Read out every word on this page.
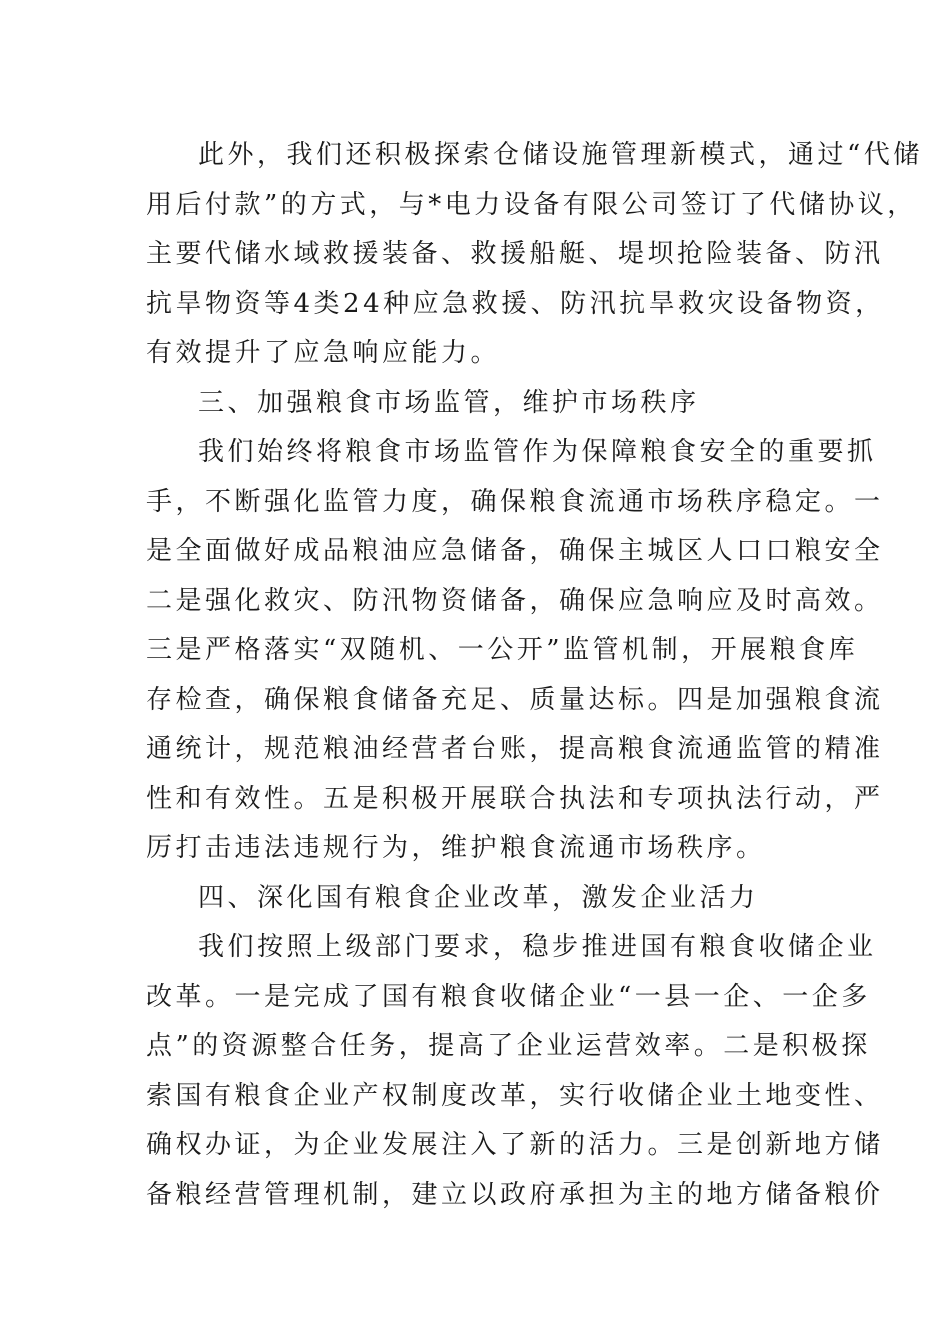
此外，我们还积极探索仓储设施管理新模式，通过“代储
用后付款”的方式，与*电力设备有限公司签订了代储协议，
主要代储水域救援装备、救援船艇、堤坝抢险装备、防汛
抗旱物资等4类24种应急救援、防汛抗旱救灾设备物资，
有效提升了应急响应能力。
三、加强粮食市场监管，维护市场秩序
我们始终将粮食市场监管作为保障粮食安全的重要抓
手，不断强化监管力度，确保粮食流通市场秩序稳定。一
是全面做好成品粮油应急储备，确保主城区人口口粮安全
二是强化救灾、防汛物资储备，确保应急响应及时高效。
三是严格落实“双随机、一公开”监管机制，开展粮食库
存检查，确保粮食储备充足、质量达标。四是加强粮食流
通统计，规范粮油经营者台账，提高粮食流通监管的精准
性和有效性。五是积极开展联合执法和专项执法行动，严
厉打击违法违规行为，维护粮食流通市场秩序。
四、深化国有粮食企业改革，激发企业活力
我们按照上级部门要求，稳步推进国有粮食收储企业
改革。一是完成了国有粮食收储企业“一县一企、一企多
点”的资源整合任务，提高了企业运营效率。二是积极探
索国有粮食企业产权制度改革，实行收储企业土地变性、
确权办证，为企业发展注入了新的活力。三是创新地方储
备粮经营管理机制，建立以政府承担为主的地方储备粮价
